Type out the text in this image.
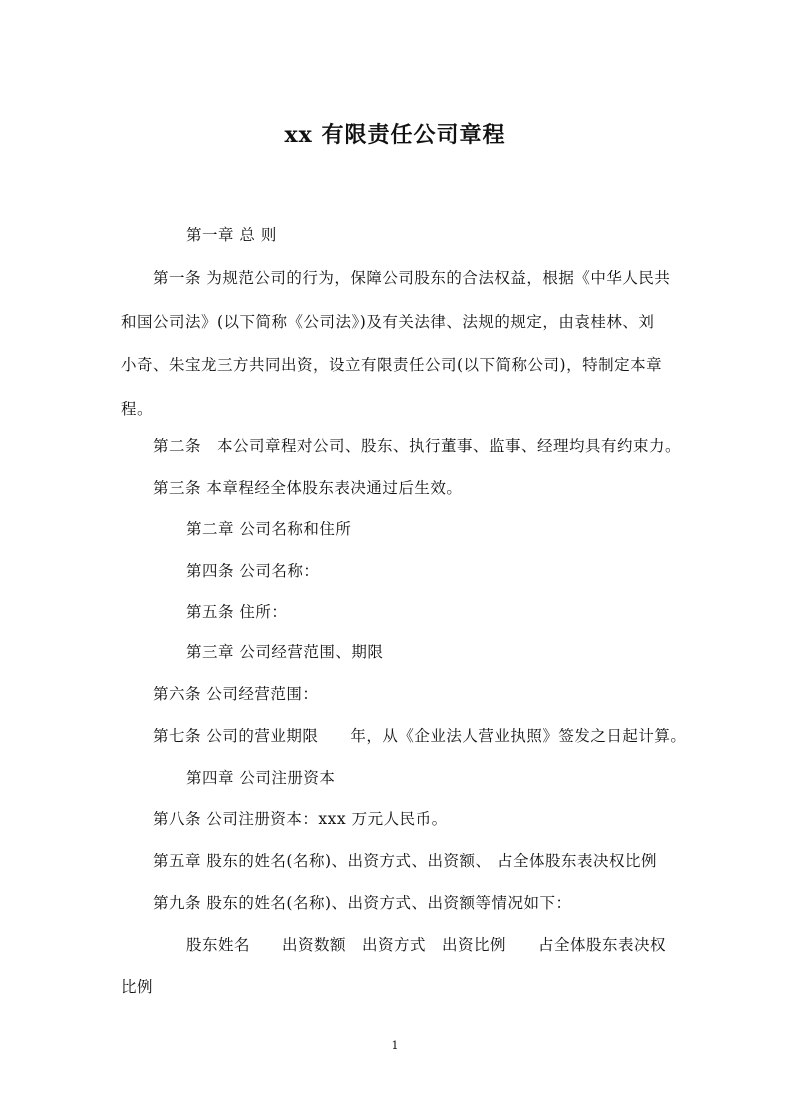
xx 有限责任公司章程
第一章 总 则
第一条 为规范公司的行为，保障公司股东的合法权益，根据《中华人民共
和国公司法》(以下简称《公司法》)及有关法律、法规的规定，由袁桂林、刘
小奇、朱宝龙三方共同出资，设立有限责任公司(以下简称公司)，特制定本章
程。
第二条　本公司章程对公司、股东、执行董事、监事、经理均具有约束力。
第三条 本章程经全体股东表决通过后生效。
第二章 公司名称和住所
第四条 公司名称：
第五条 住所：
第三章 公司经营范围、期限
第六条 公司经营范围：
第七条 公司的营业期限　　年，从《企业法人营业执照》签发之日起计算。
第四章 公司注册资本
第八条 公司注册资本：xxx 万元人民币。
第五章 股东的姓名(名称)、出资方式、出资额、 占全体股东表决权比例
第九条 股东的姓名(名称)、出资方式、出资额等情况如下：
股东姓名　　出资数额　出资方式　出资比例　　占全体股东表决权
比例
1
